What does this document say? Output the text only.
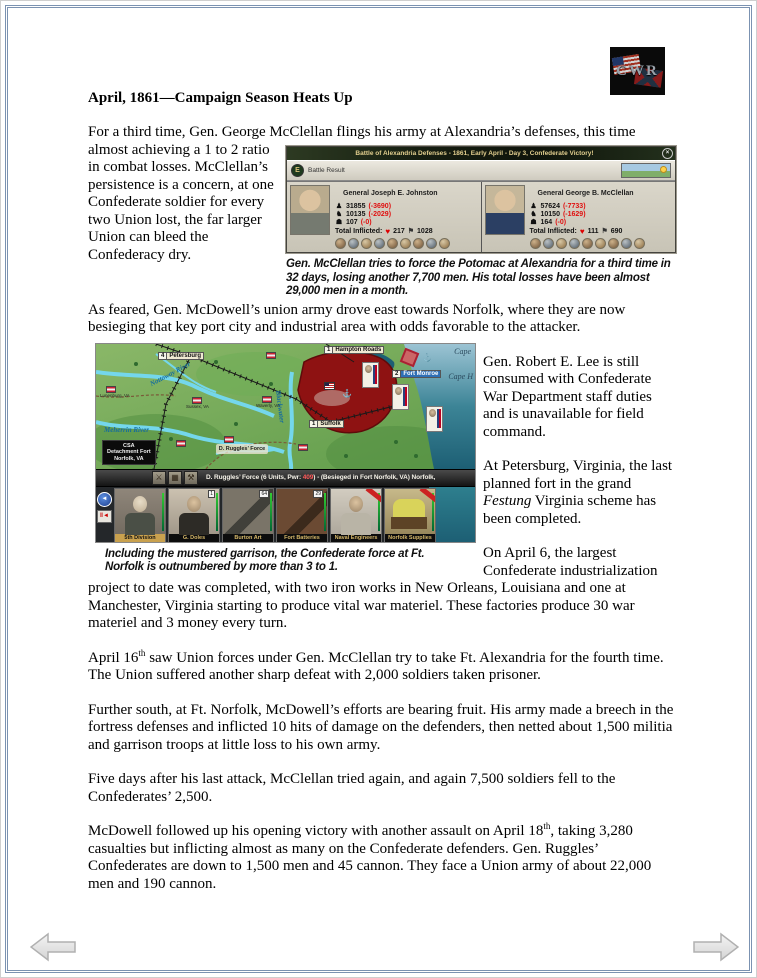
CWR
April, 1861—Campaign Season Heats Up

For a third time, Gen. George McClellan flings his army at Alexandria’s defenses, this time

Battle of Alexandria Defenses - 1861, Early April - Day 3, Confederate Victory!	×
E	Battle Result
General Joseph E. Johnston
♟ 31855 (-3690)
♞ 10135 (-2029)
☗ 107 (-0)
Total Inflicted: ♥ 217 ⚑ 1028
General George B. McClellan
♟ 57624 (-7733)
♞ 10150 (-1629)
☗ 164 (-0)
Total Inflicted: ♥ 111 ⚑ 690
Gen. McClellan tries to force the Potomac at Alexandria for a third time in 32 days, losing another 7,700 men. His total losses have been almost 29,000 men in a month.
almost achieving a 1 to 2 ratio in combat losses. McClellan’s persistence is a concern, at one Confederate soldier for every two Union lost, the far larger Union can bleed the Confederacy dry.

As feared, Gen. McDowell’s union army drove east towards Norfolk, where they are now besieging that key port city and industrial area with odds favorable to the attacker.

4 Petersburg
1 Hampton Roads
2 Fort Monroe
1 Suffolk
Nottoway River
Meherrin River
Blackwater
Cape
Cape H
Lunenburg, VA
Sussex, VA	Waverly, VA
⚓
⚓
CSA
Detachment Fort
Norfolk, VA
D. Ruggles’ Force
⚔	▦	⚒	D. Ruggles’ Force (6 Units, Pwr: 409) - (Besieged in Fort Norfolk, VA) Norfolk,
◄
‖◄
5th Division
1
G. Doles
64
Burton Art
29
Fort Batteries	Naval Engineers	Norfolk Supplies
Including the mustered garrison, the Confederate force at Ft. Norfolk is outnumbered by more than 3 to 1.

Gen. Robert E. Lee is still consumed with Confederate War Department staff duties and is unavailable for field command.

At Petersburg, Virginia, the last planned fort in the grand Festung Virginia scheme has been completed.

On April 6, the largest Confederate industrialization project to date was completed, with two iron works in New Orleans, Louisiana and one at Manchester, Virginia starting to produce vital war materiel. These factories produce 30 war materiel and 3 money every turn.

April 16th saw Union forces under Gen. McClellan try to take Ft. Alexandria for the fourth time. The Union suffered another sharp defeat with 2,000 soldiers taken prisoner.

Further south, at Ft. Norfolk, McDowell’s efforts are bearing fruit. His army made a breech in the fortress defenses and inflicted 10 hits of damage on the defenders, then netted about 1,500 militia and garrison troops at little loss to his own army.

Five days after his last attack, McClellan tried again, and again 7,500 soldiers fell to the Confederates’ 2,500.

McDowell followed up his opening victory with another assault on April 18th, taking 3,280 casualties but inflicting almost as many on the Confederate defenders. Gen. Ruggles’ Confederates are down to 1,500 men and 45 cannon. They face a Union army of about 22,000 men and 190 cannon.
